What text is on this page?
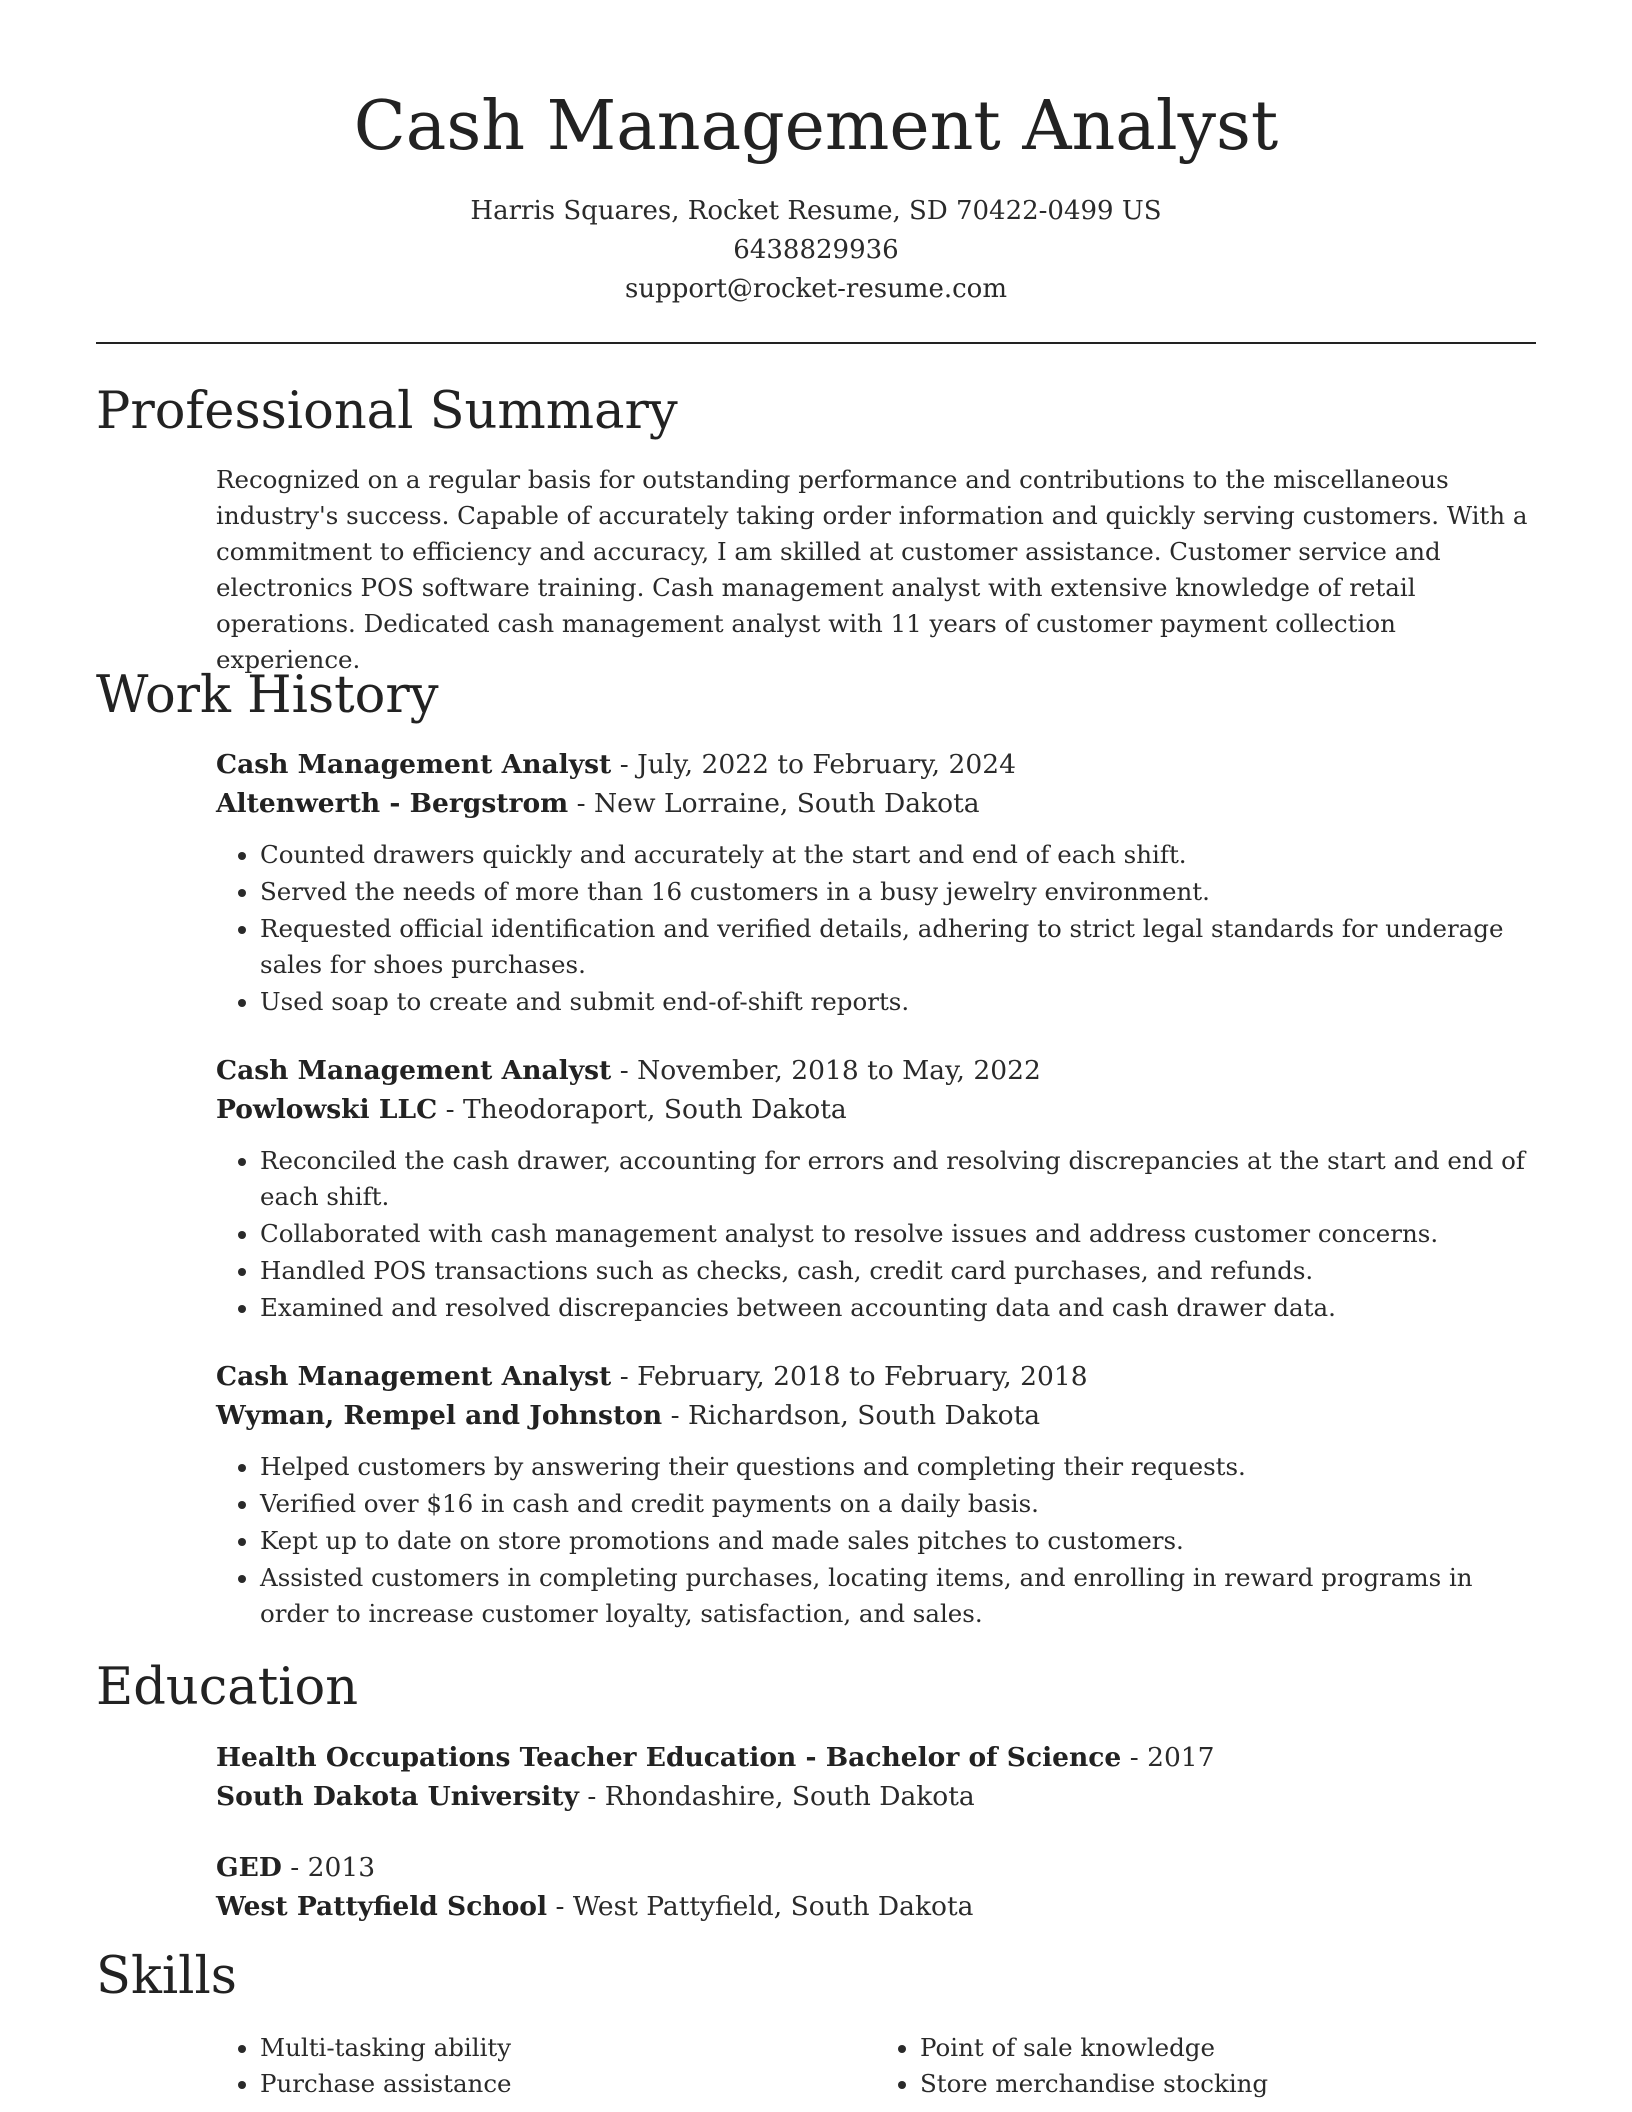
Cash Management Analyst
Harris Squares, Rocket Resume, SD 70422-0499 US
6438829936
support@rocket-resume.com
Professional Summary

Recognized on a regular basis for outstanding performance and contributions to the miscellaneous industry's success. Capable of accurately taking order information and quickly serving customers. With a commitment to efficiency and accuracy, I am skilled at customer assistance. Customer service and electronics POS software training. Cash management analyst with extensive knowledge of retail operations. Dedicated cash management analyst with 11 years of customer payment collection experience.

Work History
Cash Management Analyst - July, 2022 to February, 2024
Altenwerth - Bergstrom - New Lorraine, South Dakota
• Counted drawers quickly and accurately at the start and end of each shift.
• Served the needs of more than 16 customers in a busy jewelry environment.
• Requested official identification and verified details, adhering to strict legal standards for underage sales for shoes purchases.
• Used soap to create and submit end-of-shift reports.
Cash Management Analyst - November, 2018 to May, 2022
Powlowski LLC - Theodoraport, South Dakota
• Reconciled the cash drawer, accounting for errors and resolving discrepancies at the start and end of each shift.
• Collaborated with cash management analyst to resolve issues and address customer concerns.
• Handled POS transactions such as checks, cash, credit card purchases, and refunds.
• Examined and resolved discrepancies between accounting data and cash drawer data.
Cash Management Analyst - February, 2018 to February, 2018
Wyman, Rempel and Johnston - Richardson, South Dakota
• Helped customers by answering their questions and completing their requests.
• Verified over $16 in cash and credit payments on a daily basis.
• Kept up to date on store promotions and made sales pitches to customers.
• Assisted customers in completing purchases, locating items, and enrolling in reward programs in order to increase customer loyalty, satisfaction, and sales.
Education
Health Occupations Teacher Education - Bachelor of Science - 2017
South Dakota University - Rhondashire, South Dakota
GED - 2013
West Pattyfield School - West Pattyfield, South Dakota
Skills
• Multi-tasking ability
• Purchase assistance
• Point of sale knowledge
• Store merchandise stocking
